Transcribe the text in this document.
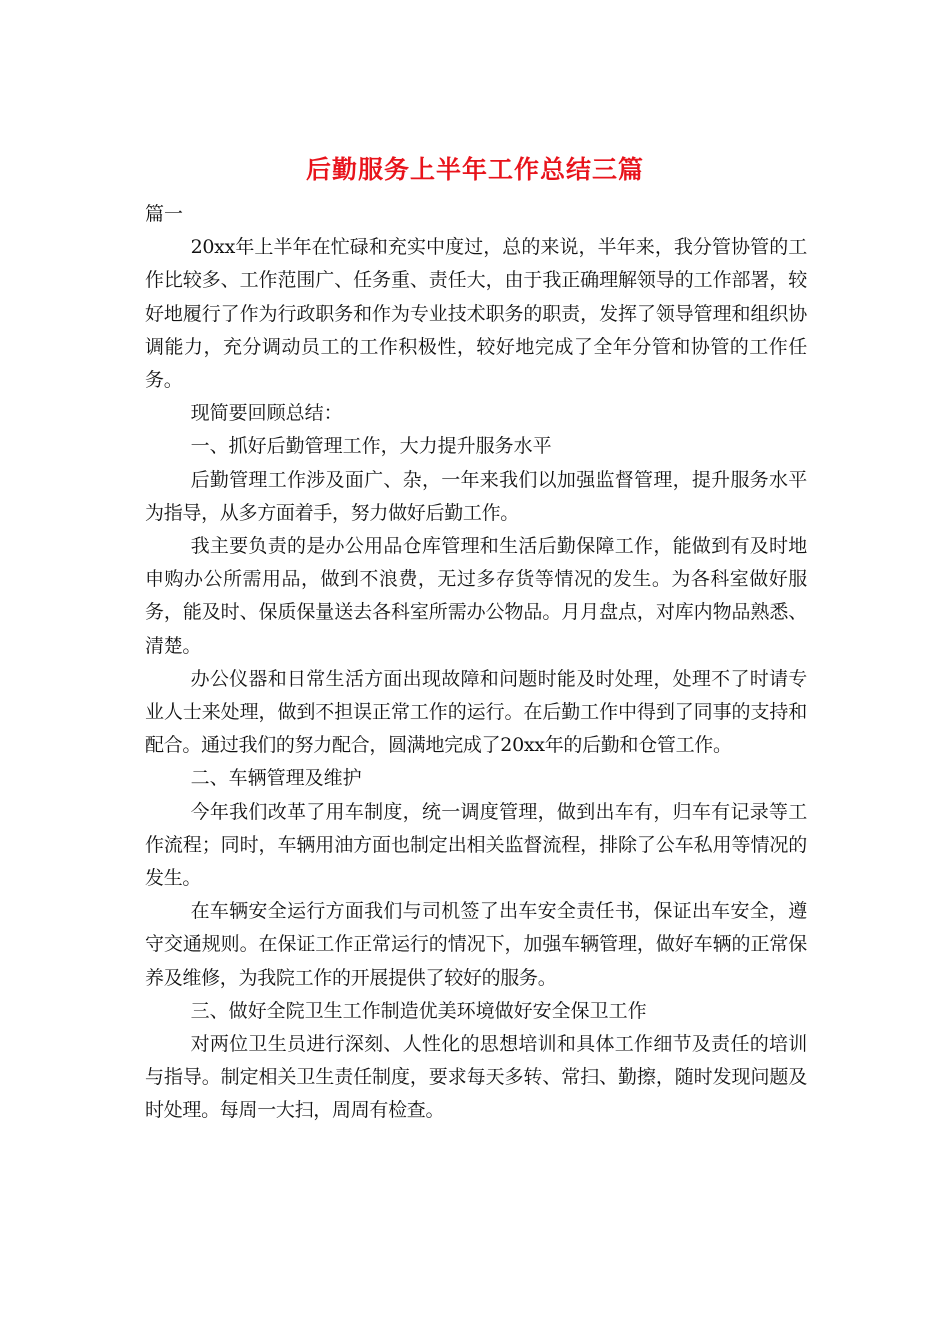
后勤服务上半年工作总结三篇

篇一

20xx年上半年在忙碌和充实中度过，总的来说，半年来，我分管协管的工作比较多、工作范围广、任务重、责任大，由于我正确理解领导的工作部署，较好地履行了作为行政职务和作为专业技术职务的职责，发挥了领导管理和组织协调能力，充分调动员工的工作积极性，较好地完成了全年分管和协管的工作任务。

现简要回顾总结：

一、抓好后勤管理工作，大力提升服务水平

后勤管理工作涉及面广、杂，一年来我们以加强监督管理，提升服务水平为指导，从多方面着手，努力做好后勤工作。

我主要负责的是办公用品仓库管理和生活后勤保障工作，能做到有及时地申购办公所需用品，做到不浪费，无过多存货等情况的发生。为各科室做好服务，能及时、保质保量送去各科室所需办公物品。月月盘点，对库内物品熟悉、清楚。

办公仪器和日常生活方面出现故障和问题时能及时处理，处理不了时请专业人士来处理，做到不担误正常工作的运行。在后勤工作中得到了同事的支持和配合。通过我们的努力配合，圆满地完成了20xx年的后勤和仓管工作。

二、车辆管理及维护

今年我们改革了用车制度，统一调度管理，做到出车有，归车有记录等工作流程；同时，车辆用油方面也制定出相关监督流程，排除了公车私用等情况的发生。

在车辆安全运行方面我们与司机签了出车安全责任书，保证出车安全，遵守交通规则。在保证工作正常运行的情况下，加强车辆管理，做好车辆的正常保养及维修，为我院工作的开展提供了较好的服务。

三、做好全院卫生工作制造优美环境做好安全保卫工作

对两位卫生员进行深刻、人性化的思想培训和具体工作细节及责任的培训与指导。制定相关卫生责任制度，要求每天多转、常扫、勤擦，随时发现问题及时处理。每周一大扫，周周有检查。
